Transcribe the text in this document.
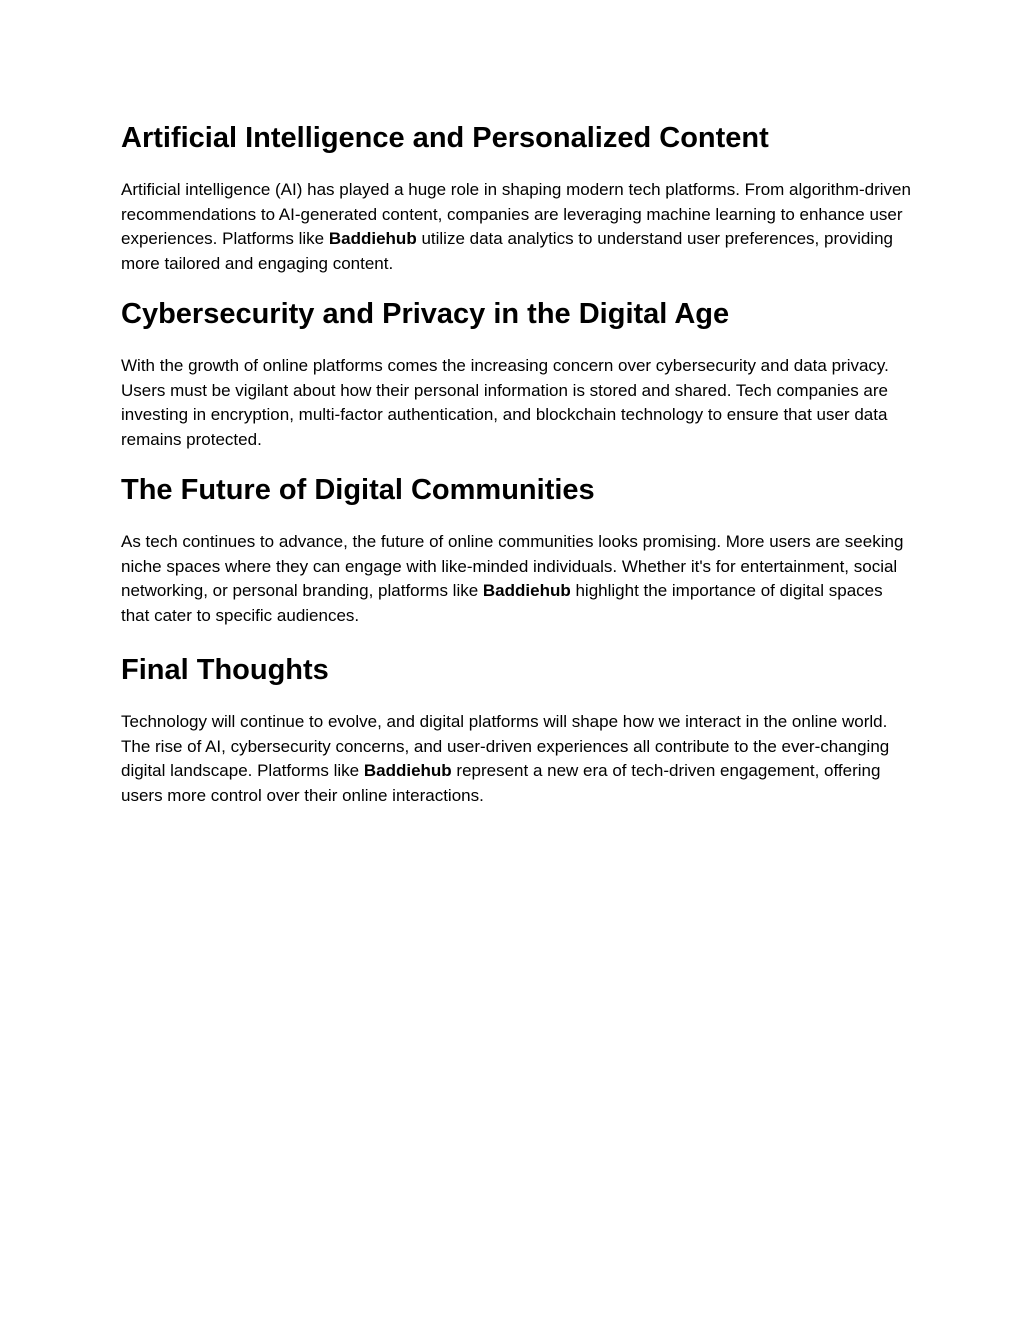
Artificial Intelligence and Personalized Content

Artificial intelligence (AI) has played a huge role in shaping modern tech platforms. From algorithm-driven recommendations to AI-generated content, companies are leveraging machine learning to enhance user experiences. Platforms like Baddiehub utilize data analytics to understand user preferences, providing more tailored and engaging content.

Cybersecurity and Privacy in the Digital Age

With the growth of online platforms comes the increasing concern over cybersecurity and data privacy. Users must be vigilant about how their personal information is stored and shared. Tech companies are investing in encryption, multi-factor authentication, and blockchain technology to ensure that user data remains protected.

The Future of Digital Communities

As tech continues to advance, the future of online communities looks promising. More users are seeking niche spaces where they can engage with like-minded individuals. Whether it's for entertainment, social networking, or personal branding, platforms like Baddiehub highlight the importance of digital spaces that cater to specific audiences.

Final Thoughts

Technology will continue to evolve, and digital platforms will shape how we interact in the online world. The rise of AI, cybersecurity concerns, and user-driven experiences all contribute to the ever-changing digital landscape. Platforms like Baddiehub represent a new era of tech-driven engagement, offering users more control over their online interactions.
